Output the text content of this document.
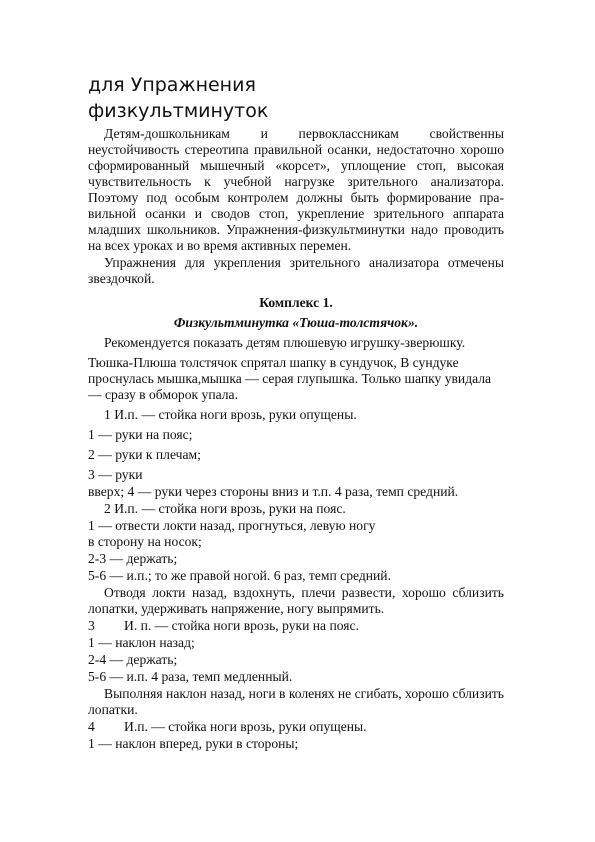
для Упражнения
физкультминуток

Детям-дошкольникам и первоклассникам свойственны неустойчивость стереотипа правильной осанки, недостаточно хорошо сформированный мышечный «корсет», уплощение стоп, высокая чувствительность к учебной нагрузке зрительного анализатора. Поэтому под особым контролем должны быть формирование пра-вильной осанки и сводов стоп, укрепление зрительного аппарата младших школьников. Упражнения-физкультминутки надо проводить на всех уроках и во время активных перемен.

Упражнения для укрепления зрительного анализатора отмечены звездочкой.

Комплекс 1.

Физкультминутка «Тюша-толстячок».

Рекомендуется показать детям плюшевую игрушку-зверюшку.

Тюшка-Плюша толстячок спрятал шапку в сундучок, В сундуке проснулась мышка,мышка — серая глупышка. Только шапку увидала — сразу в обморок упала.

1 И.п. — стойка ноги врозь, руки опущены.

1 — руки на пояс;

2 — руки к плечам;

3 — руки

вверх; 4 — руки через стороны вниз и т.п. 4 раза, темп средний.

2 И.п. — стойка ноги врозь, руки на пояс.

1 — отвести локти назад, прогнуться, левую ногу

в сторону на носок;

2-3 — держать;

5-6 — и.п.; то же правой ногой. 6 раз, темп средний.

Отводя локти назад, вздохнуть, плечи развести, хорошо сблизить лопатки, удерживать напряжение, ногу выпрямить.

3 И. п. — стойка ноги врозь, руки на пояс.

1 — наклон назад;

2-4 — держать;

5-6 — и.п. 4 раза, темп медленный.

Выполняя наклон назад, ноги в коленях не сгибать, хорошо сблизить лопатки.

4 И.п. — стойка ноги врозь, руки опущены.

1 — наклон вперед, руки в стороны;
